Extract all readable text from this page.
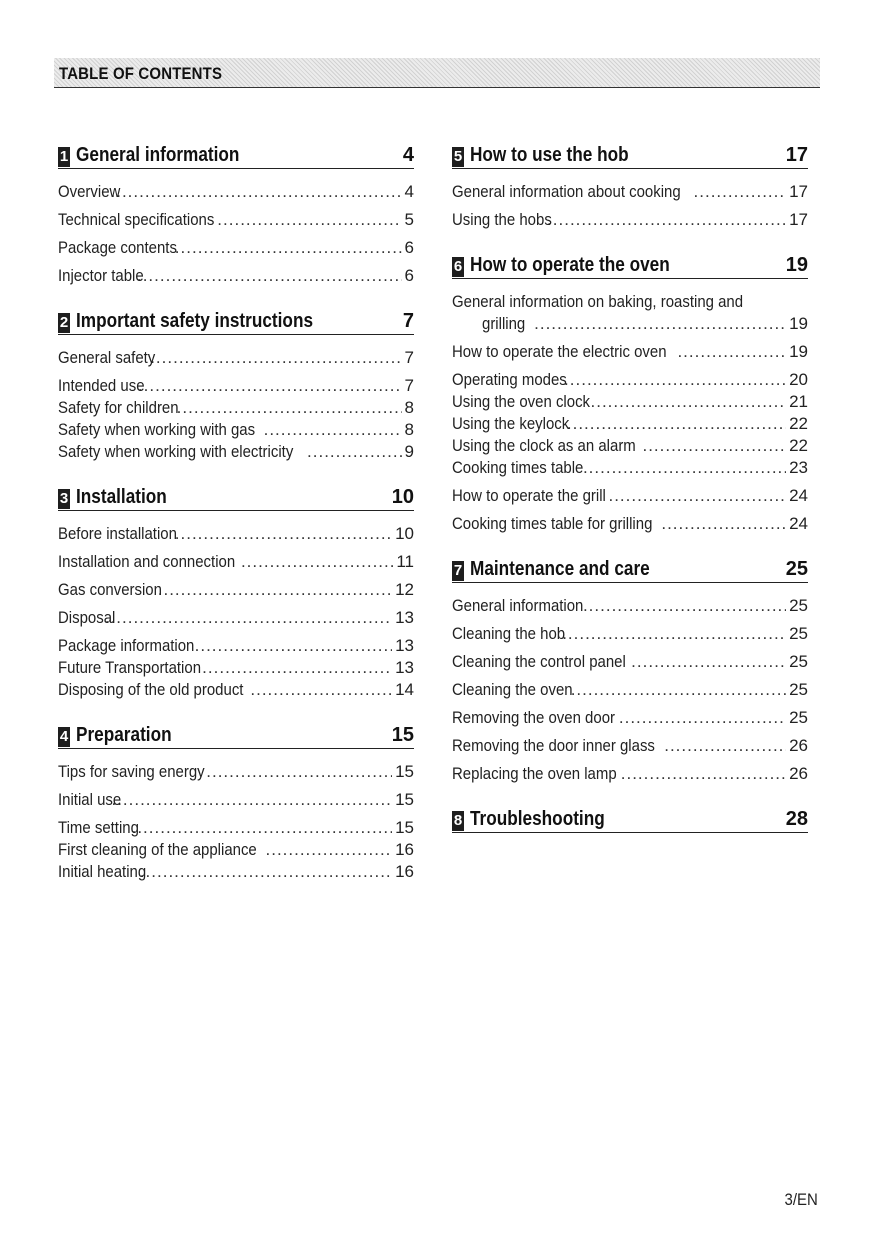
TABLE OF CONTENTS
1 General information	4
Overview .....	4
Technical specifications .....	5
Package contents .....	6
Injector table .....	6
2 Important safety instructions	7
General safety .....	7
Intended use .....	7
Safety for children .....	8
Safety when working with gas .....	8
Safety when working with electricity .....	9
3 Installation	10
Before installation .....	10
Installation and connection .....	11
Gas conversion .....	12
Disposal .....	13
Package information .....	13
Future Transportation .....	13
Disposing of the old product .....	14
4 Preparation	15
Tips for saving energy .....	15
Initial use .....	15
Time setting .....	15
First cleaning of the appliance .....	16
Initial heating .....	16
5 How to use the hob	17
General information about cooking .....	17
Using the hobs .....	17
6 How to operate the oven	19
General information on baking, roasting and
grilling .....	19
How to operate the electric oven .....	19
Operating modes .....	20
Using the oven clock .....	21
Using the keylock .....	22
Using the clock as an alarm .....	22
Cooking times table .....	23
How to operate the grill .....	24
Cooking times table for grilling .....	24
7 Maintenance and care	25
General information .....	25
Cleaning the hob .....	25
Cleaning the control panel .....	25
Cleaning the oven .....	25
Removing the oven door .....	25
Removing the door inner glass .....	26
Replacing the oven lamp .....	26
8 Troubleshooting	28
3/EN
